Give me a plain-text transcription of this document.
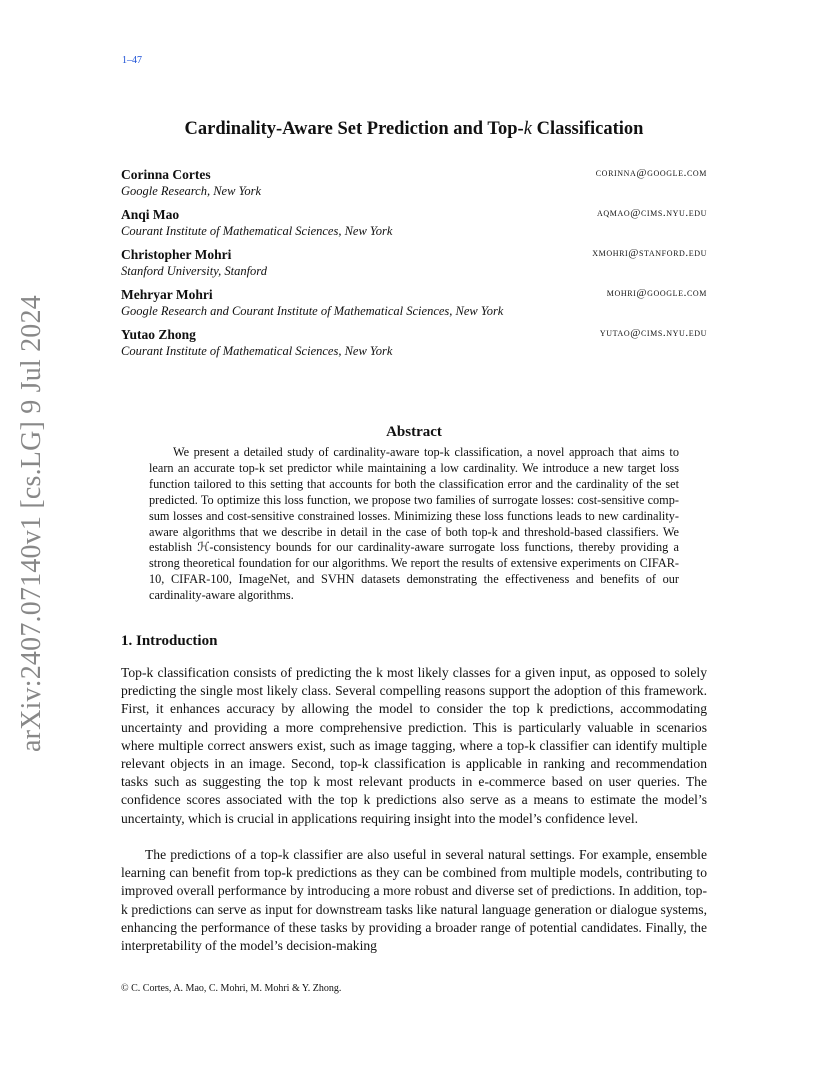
1–47
arXiv:2407.07140v1 [cs.LG] 9 Jul 2024
Cardinality-Aware Set Prediction and Top-k Classification
Corinna Cortes
Google Research, New York
corinna@google.com
Anqi Mao
Courant Institute of Mathematical Sciences, New York
aqmao@cims.nyu.edu
Christopher Mohri
Stanford University, Stanford
xmohri@stanford.edu
Mehryar Mohri
Google Research and Courant Institute of Mathematical Sciences, New York
mohri@google.com
Yutao Zhong
Courant Institute of Mathematical Sciences, New York
yutao@cims.nyu.edu
Abstract
We present a detailed study of cardinality-aware top-k classification, a novel approach that aims to learn an accurate top-k set predictor while maintaining a low cardinality. We introduce a new target loss function tailored to this setting that accounts for both the classification error and the cardinality of the set predicted. To optimize this loss function, we propose two families of surrogate losses: cost-sensitive comp-sum losses and cost-sensitive constrained losses. Minimizing these loss functions leads to new cardinality-aware algorithms that we describe in detail in the case of both top-k and threshold-based classifiers. We establish ℋ-consistency bounds for our cardinality-aware surrogate loss functions, thereby providing a strong theoretical foundation for our algorithms. We report the results of extensive experiments on CIFAR-10, CIFAR-100, ImageNet, and SVHN datasets demonstrating the effectiveness and benefits of our cardinality-aware algorithms.
1. Introduction
Top-k classification consists of predicting the k most likely classes for a given input, as opposed to solely predicting the single most likely class. Several compelling reasons support the adoption of this framework. First, it enhances accuracy by allowing the model to consider the top k predictions, accommodating uncertainty and providing a more comprehensive prediction. This is particularly valuable in scenarios where multiple correct answers exist, such as image tagging, where a top-k classifier can identify multiple relevant objects in an image. Second, top-k classification is applicable in ranking and recommendation tasks such as suggesting the top k most relevant products in e-commerce based on user queries. The confidence scores associated with the top k predictions also serve as a means to estimate the model’s uncertainty, which is crucial in applications requiring insight into the model’s confidence level.
The predictions of a top-k classifier are also useful in several natural settings. For example, ensemble learning can benefit from top-k predictions as they can be combined from multiple models, contributing to improved overall performance by introducing a more robust and diverse set of predictions. In addition, top-k predictions can serve as input for downstream tasks like natural language generation or dialogue systems, enhancing the performance of these tasks by providing a broader range of potential candidates. Finally, the interpretability of the model’s decision-making
© C. Cortes, A. Mao, C. Mohri, M. Mohri & Y. Zhong.
